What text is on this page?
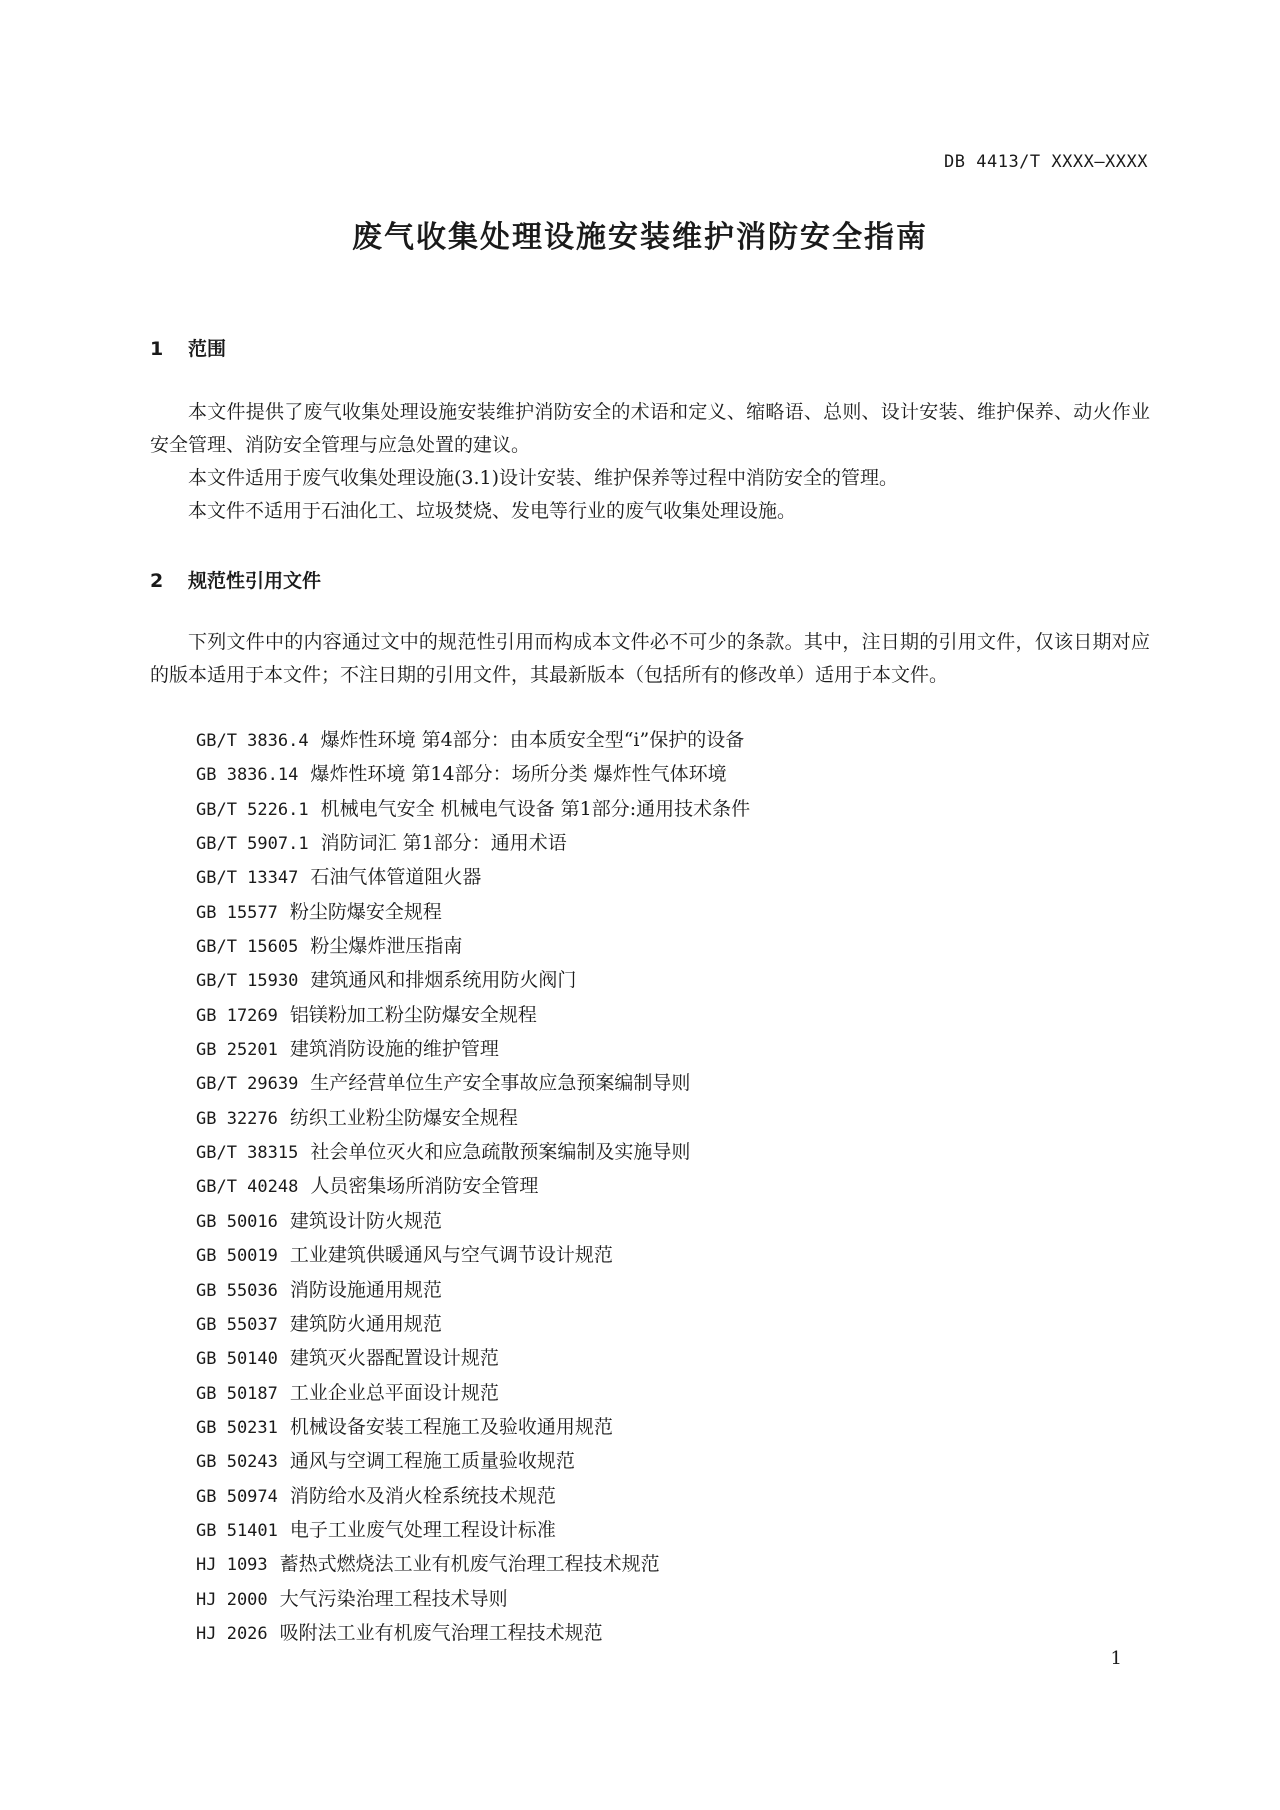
DB 4413/T XXXX—XXXX
废气收集处理设施安装维护消防安全指南
1 范围

本文件提供了废气收集处理设施安装维护消防安全的术语和定义、缩略语、总则、设计安装、维护保养、动火作业安全管理、消防安全管理与应急处置的建议。

本文件适用于废气收集处理设施(3.1)设计安装、维护保养等过程中消防安全的管理。

本文件不适用于石油化工、垃圾焚烧、发电等行业的废气收集处理设施。

2 规范性引用文件

下列文件中的内容通过文中的规范性引用而构成本文件必不可少的条款。其中，注日期的引用文件，仅该日期对应的版本适用于本文件；不注日期的引用文件，其最新版本（包括所有的修改单）适用于本文件。

GB/T 3836.4 爆炸性环境 第4部分：由本质安全型“i”保护的设备
GB 3836.14 爆炸性环境 第14部分：场所分类 爆炸性气体环境
GB/T 5226.1 机械电气安全 机械电气设备 第1部分:通用技术条件
GB/T 5907.1 消防词汇 第1部分：通用术语
GB/T 13347 石油气体管道阻火器
GB 15577 粉尘防爆安全规程
GB/T 15605 粉尘爆炸泄压指南
GB/T 15930 建筑通风和排烟系统用防火阀门
GB 17269 铝镁粉加工粉尘防爆安全规程
GB 25201 建筑消防设施的维护管理
GB/T 29639 生产经营单位生产安全事故应急预案编制导则
GB 32276 纺织工业粉尘防爆安全规程
GB/T 38315 社会单位灭火和应急疏散预案编制及实施导则
GB/T 40248 人员密集场所消防安全管理
GB 50016 建筑设计防火规范
GB 50019 工业建筑供暖通风与空气调节设计规范
GB 55036 消防设施通用规范
GB 55037 建筑防火通用规范
GB 50140 建筑灭火器配置设计规范
GB 50187 工业企业总平面设计规范
GB 50231 机械设备安装工程施工及验收通用规范
GB 50243 通风与空调工程施工质量验收规范
GB 50974 消防给水及消火栓系统技术规范
GB 51401 电子工业废气处理工程设计标准
HJ 1093 蓄热式燃烧法工业有机废气治理工程技术规范
HJ 2000 大气污染治理工程技术导则
HJ 2026 吸附法工业有机废气治理工程技术规范
1
